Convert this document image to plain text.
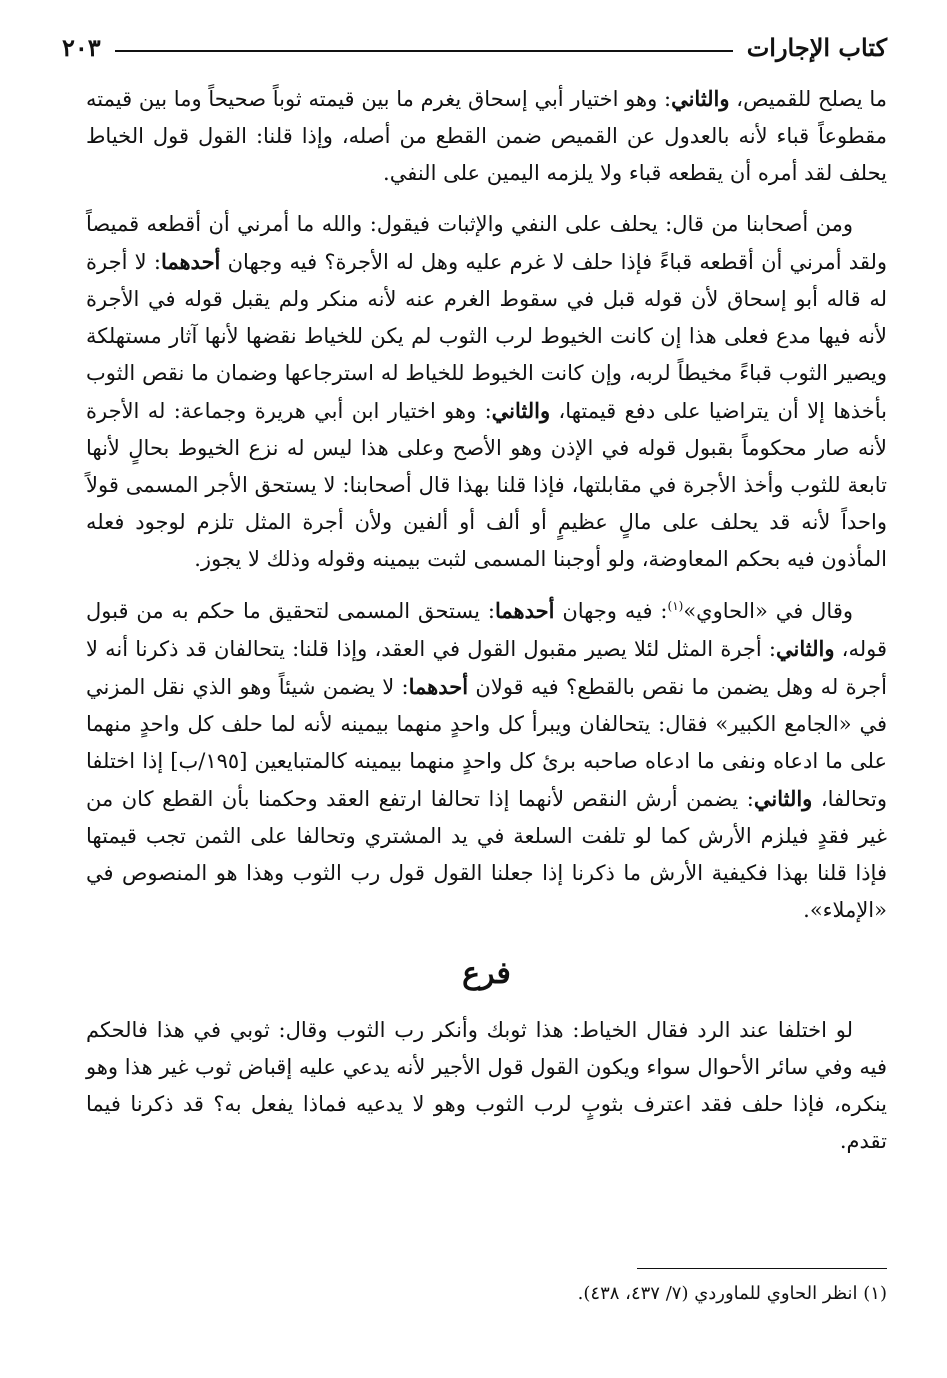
كتاب الإجارات
٢٠٣

ما يصلح للقميص، والثاني: وهو اختيار أبي إسحاق يغرم ما بين قيمته ثوباً صحيحاً وما بين قيمته مقطوعاً قباء لأنه بالعدول عن القميص ضمن القطع من أصله، وإذا قلنا: القول قول الخياط يحلف لقد أمره أن يقطعه قباء ولا يلزمه اليمين على النفي.

ومن أصحابنا من قال: يحلف على النفي والإثبات فيقول: والله ما أمرني أن أقطعه قميصاً ولقد أمرني أن أقطعه قباءً فإذا حلف لا غرم عليه وهل له الأجرة؟ فيه وجهان أحدهما: لا أجرة له قاله أبو إسحاق لأن قوله قبل في سقوط الغرم عنه لأنه منكر ولم يقبل قوله في الأجرة لأنه فيها مدع فعلى هذا إن كانت الخيوط لرب الثوب لم يكن للخياط نقضها لأنها آثار مستهلكة ويصير الثوب قباءً مخيطاً لربه، وإن كانت الخيوط للخياط له استرجاعها وضمان ما نقص الثوب بأخذها إلا أن يتراضيا على دفع قيمتها، والثاني: وهو اختيار ابن أبي هريرة وجماعة: له الأجرة لأنه صار محكوماً بقبول قوله في الإذن وهو الأصح وعلى هذا ليس له نزع الخيوط بحالٍ لأنها تابعة للثوب وأخذ الأجرة في مقابلتها، فإذا قلنا بهذا قال أصحابنا: لا يستحق الأجر المسمى قولاً واحداً لأنه قد يحلف على مالٍ عظيمٍ أو ألف أو ألفين ولأن أجرة المثل تلزم لوجود فعله المأذون فيه بحكم المعاوضة، ولو أوجبنا المسمى لثبت بيمينه وقوله وذلك لا يجوز.

وقال في «الحاوي»$^{(١)}$: فيه وجهان أحدهما: يستحق المسمى لتحقيق ما حكم به من قبول قوله، والثاني: أجرة المثل لئلا يصير مقبول القول في العقد، وإذا قلنا: يتحالفان قد ذكرنا أنه لا أجرة له وهل يضمن ما نقص بالقطع؟ فيه قولان أحدهما: لا يضمن شيئاً وهو الذي نقل المزني في «الجامع الكبير» فقال: يتحالفان ويبرأ كل واحدٍ منهما بيمينه لأنه لما حلف كل واحدٍ منهما على ما ادعاه ونفى ما ادعاه صاحبه برئ كل واحدٍ منهما بيمينه كالمتبايعين [١٩٥/ب] إذا اختلفا وتحالفا، والثاني: يضمن أرش النقص لأنهما إذا تحالفا ارتفع العقد وحكمنا بأن القطع كان من غير فقدٍ فيلزم الأرش كما لو تلفت السلعة في يد المشتري وتحالفا على الثمن تجب قيمتها فإذا قلنا بهذا فكيفية الأرش ما ذكرنا إذا جعلنا القول قول رب الثوب وهذا هو المنصوص في «الإملاء».

فرع

لو اختلفا عند الرد فقال الخياط: هذا ثوبك وأنكر رب الثوب وقال: ثوبي في هذا فالحكم فيه وفي سائر الأحوال سواء ويكون القول قول الأجير لأنه يدعي عليه إقباض ثوب غير هذا وهو ينكره، فإذا حلف فقد اعترف بثوبٍ لرب الثوب وهو لا يدعيه فماذا يفعل به؟ قد ذكرنا فيما تقدم.

(١) انظر الحاوي للماوردي (٧/ ٤٣٧، ٤٣٨).
